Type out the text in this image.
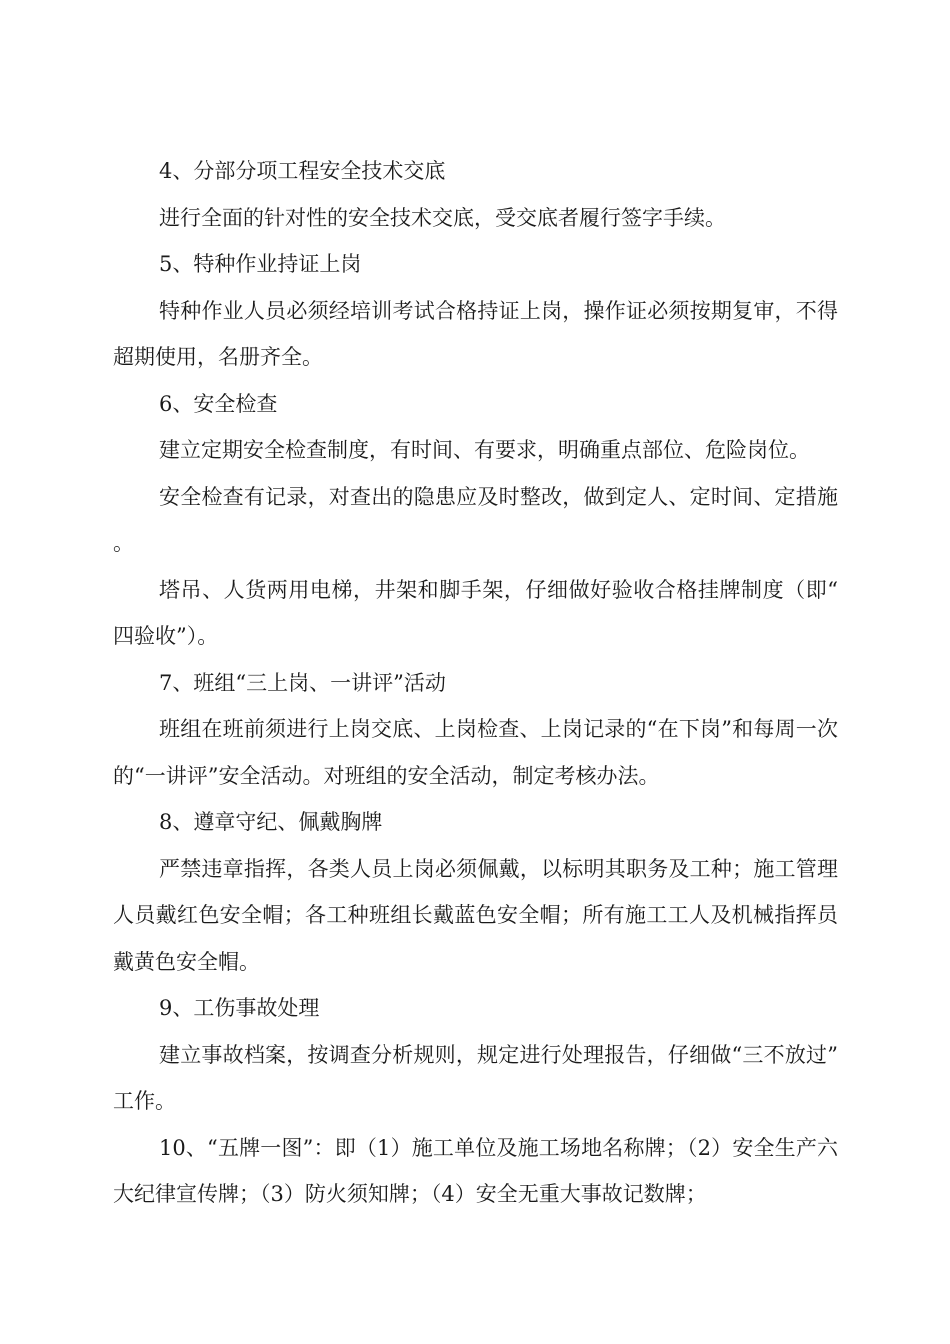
4、分部分项工程安全技术交底

进行全面的针对性的安全技术交底，受交底者履行签字手续。

5、特种作业持证上岗

特种作业人员必须经培训考试合格持证上岗，操作证必须按期复审，不得超期使用，名册齐全。

6、安全检查

建立定期安全检查制度，有时间、有要求，明确重点部位、危险岗位。

安全检查有记录，对查出的隐患应及时整改，做到定人、定时间、定措施。

塔吊、人货两用电梯，井架和脚手架，仔细做好验收合格挂牌制度（即“四验收”）。

7、班组“三上岗、一讲评”活动

班组在班前须进行上岗交底、上岗检查、上岗记录的“在下岗”和每周一次的“一讲评”安全活动。对班组的安全活动，制定考核办法。

8、遵章守纪、佩戴胸牌

严禁违章指挥，各类人员上岗必须佩戴，以标明其职务及工种；施工管理人员戴红色安全帽；各工种班组长戴蓝色安全帽；所有施工工人及机械指挥员戴黄色安全帽。

9、工伤事故处理

建立事故档案，按调查分析规则，规定进行处理报告，仔细做“三不放过”工作。

10、“五牌一图”：即（1）施工单位及施工场地名称牌；（2）安全生产六大纪律宣传牌；（3）防火须知牌；（4）安全无重大事故记数牌；
